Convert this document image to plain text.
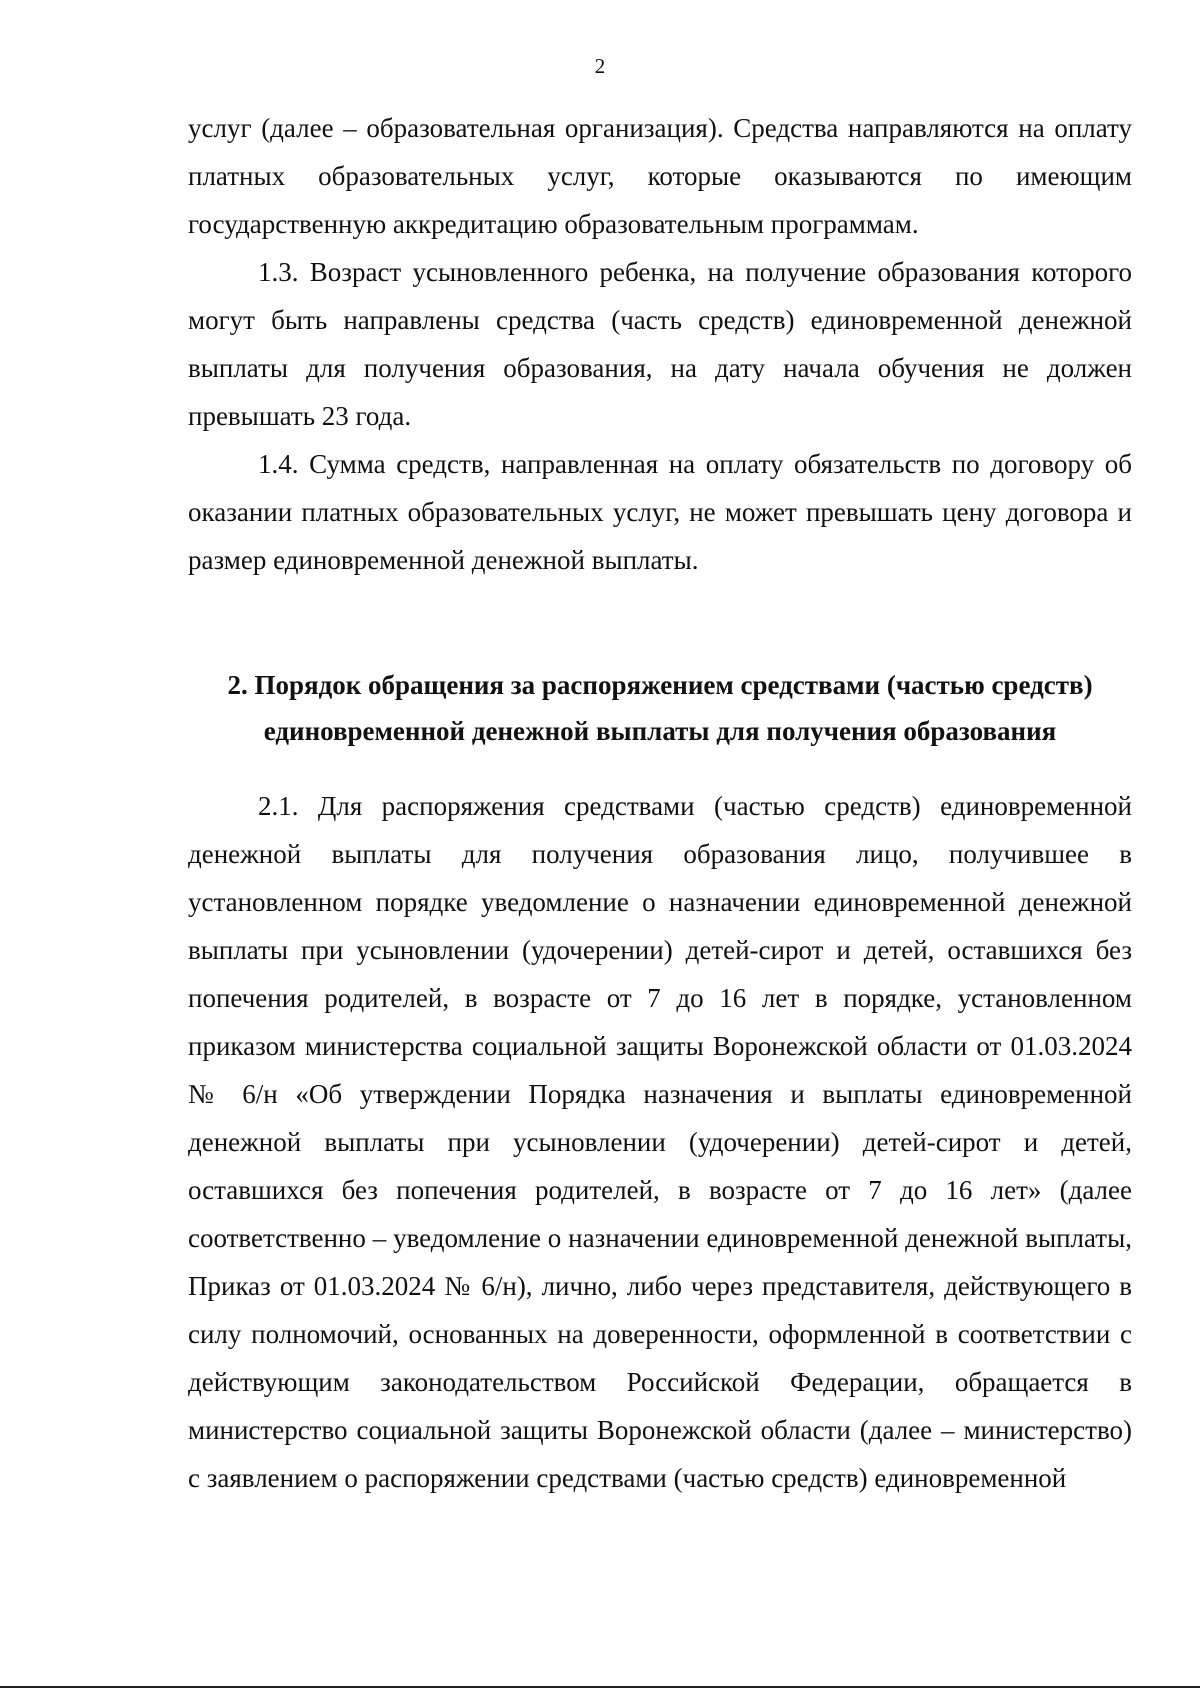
2

услуг (далее – образовательная организация). Средства направляются на оплату платных образовательных услуг, которые оказываются по имеющим государственную аккредитацию образовательным программам.

1.3. Возраст усыновленного ребенка, на получение образования которого могут быть направлены средства (часть средств) единовременной денежной выплаты для получения образования, на дату начала обучения не должен превышать 23 года.

1.4. Сумма средств, направленная на оплату обязательств по договору об оказании платных образовательных услуг, не может превышать цену договора и размер единовременной денежной выплаты.

2. Порядок обращения за распоряжением средствами (частью средств)
единовременной денежной выплаты для получения образования

2.1. Для распоряжения средствами (частью средств) единовременной денежной выплаты для получения образования лицо, получившее в установленном порядке уведомление о назначении единовременной денежной выплаты при усыновлении (удочерении) детей-сирот и детей, оставшихся без попечения родителей, в возрасте от 7 до 16 лет в порядке, установленном приказом министерства социальной защиты Воронежской области от 01.03.2024 № 6/н «Об утверждении Порядка назначения и выплаты единовременной денежной выплаты при усыновлении (удочерении) детей-сирот и детей, оставшихся без попечения родителей, в возрасте от 7 до 16 лет» (далее соответственно – уведомление о назначении единовременной денежной выплаты, Приказ от 01.03.2024 № 6/н), лично, либо через представителя, действующего в силу полномочий, основанных на доверенности, оформленной в соответствии с действующим законодательством Российской Федерации, обращается в министерство социальной защиты Воронежской области (далее – министерство) с заявлением о распоряжении средствами (частью средств) единовременной
